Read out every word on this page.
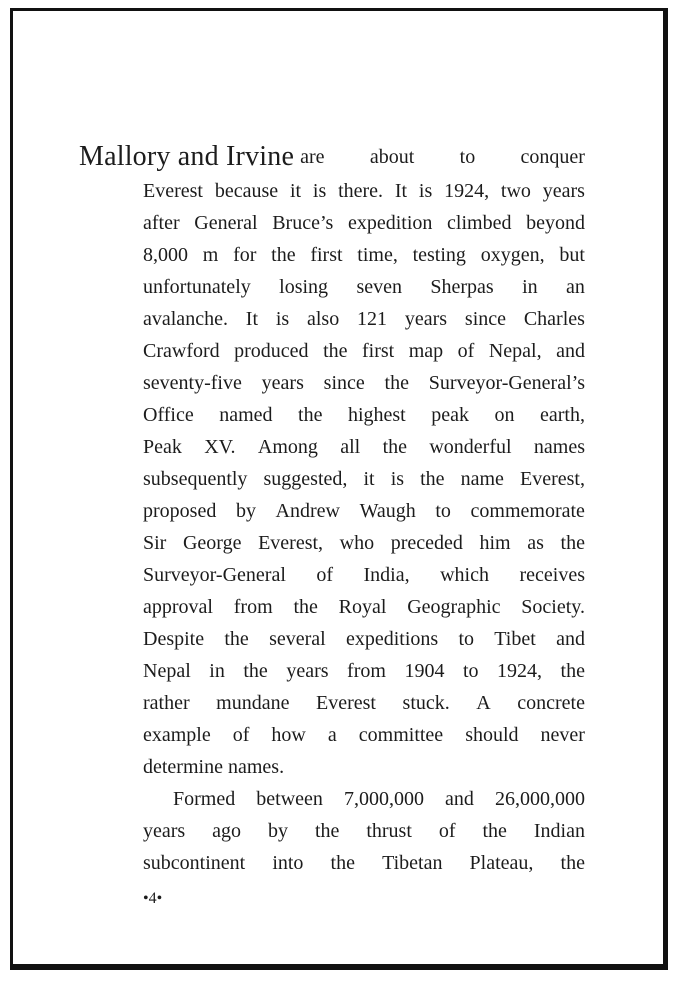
Mallory and Irvine are about to conquer
Everest because it is there. It is 1924, two years
after General Bruce’s expedition climbed beyond
8,000 m for the first time, testing oxygen, but
unfortunately losing seven Sherpas in an
avalanche. It is also 121 years since Charles
Crawford produced the first map of Nepal, and
seventy-five years since the Surveyor-General’s
Office named the highest peak on earth,
Peak XV. Among all the wonderful names
subsequently suggested, it is the name Everest,
proposed by Andrew Waugh to commemorate
Sir George Everest, who preceded him as the
Surveyor-General of India, which receives
approval from the Royal Geographic Society.
Despite the several expeditions to Tibet and
Nepal in the years from 1904 to 1924, the
rather mundane Everest stuck. A concrete
example of how a committee should never
determine names.
Formed between 7,000,000 and 26,000,000
years ago by the thrust of the Indian
subcontinent into the Tibetan Plateau, the
•4•
